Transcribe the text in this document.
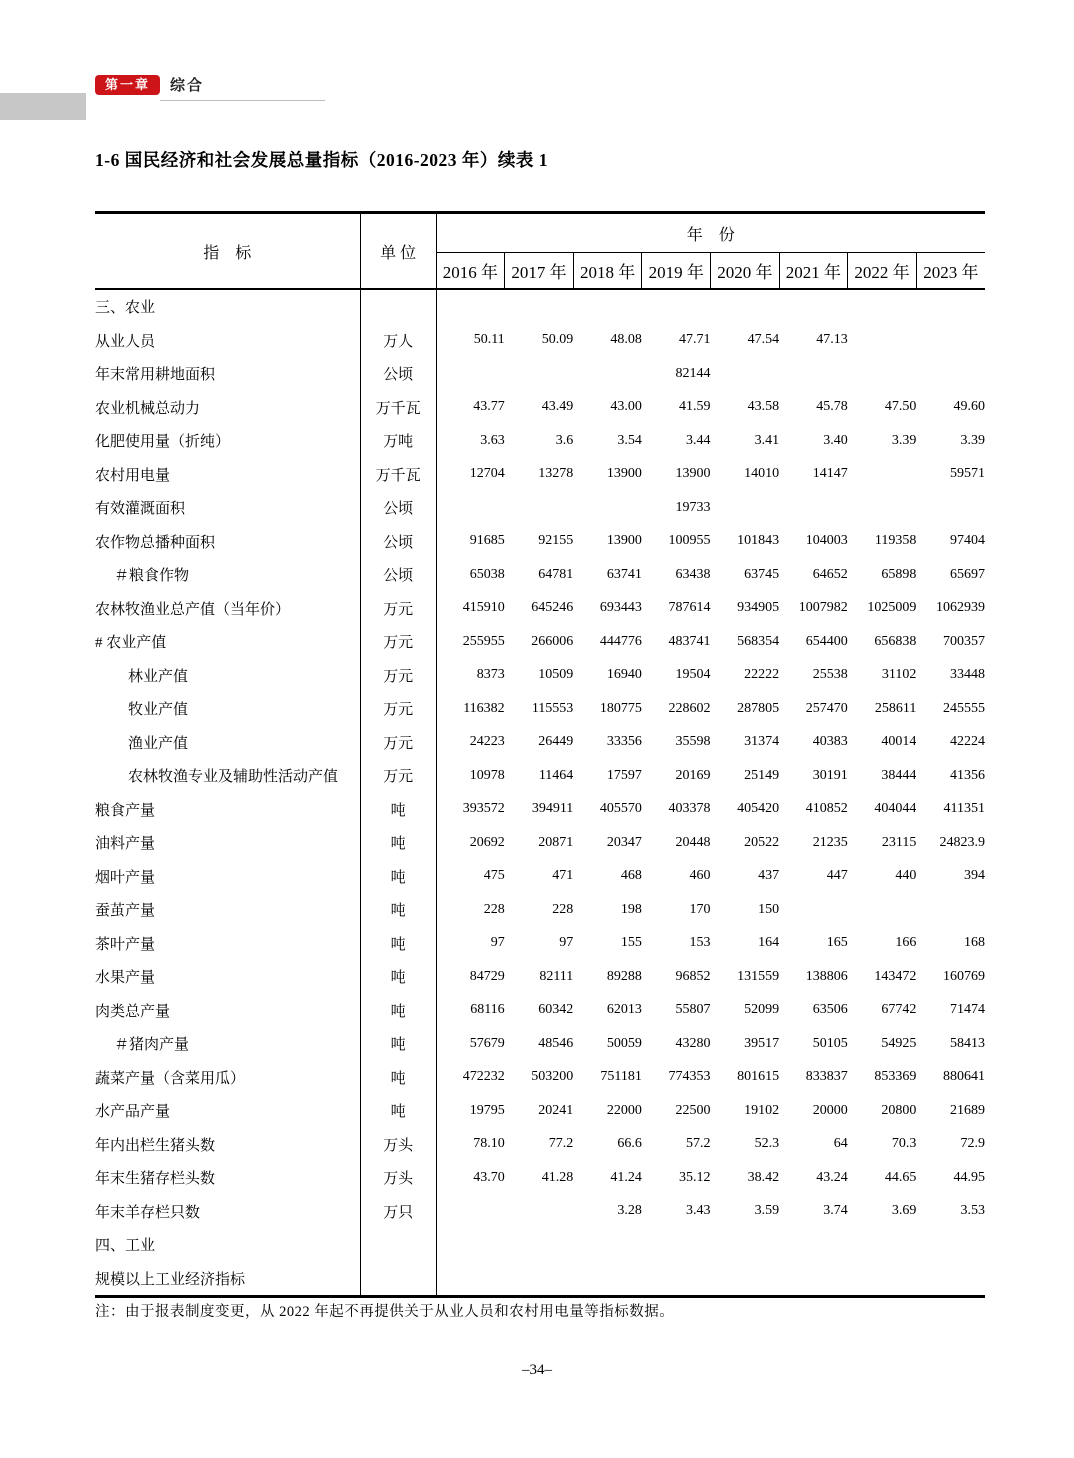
第一章	综合
1-6 国民经济和社会发展总量指标（2016-2023 年）续表 1
指　标	单 位	年　份							
		2016 年	2017 年	2018 年	2019 年	2020 年	2021 年	2022 年	2023 年
三、农业									
从业人员	万人	50.11	50.09	48.08	47.71	47.54	47.13		
年末常用耕地面积	公顷				82144				
农业机械总动力	万千瓦	43.77	43.49	43.00	41.59	43.58	45.78	47.50	49.60
化肥使用量（折纯）	万吨	3.63	3.6	3.54	3.44	3.41	3.40	3.39	3.39
农村用电量	万千瓦	12704	13278	13900	13900	14010	14147		59571
有效灌溉面积	公顷				19733				
农作物总播种面积	公顷	91685	92155	13900	100955	101843	104003	119358	97404
＃粮食作物	公顷	65038	64781	63741	63438	63745	64652	65898	65697
农林牧渔业总产值（当年价）	万元	415910	645246	693443	787614	934905	1007982	1025009	1062939
# 农业产值	万元	255955	266006	444776	483741	568354	654400	656838	700357
林业产值	万元	8373	10509	16940	19504	22222	25538	31102	33448
牧业产值	万元	116382	115553	180775	228602	287805	257470	258611	245555
渔业产值	万元	24223	26449	33356	35598	31374	40383	40014	42224
农林牧渔专业及辅助性活动产值	万元	10978	11464	17597	20169	25149	30191	38444	41356
粮食产量	吨	393572	394911	405570	403378	405420	410852	404044	411351
油料产量	吨	20692	20871	20347	20448	20522	21235	23115	24823.9
烟叶产量	吨	475	471	468	460	437	447	440	394
蚕茧产量	吨	228	228	198	170	150			
茶叶产量	吨	97	97	155	153	164	165	166	168
水果产量	吨	84729	82111	89288	96852	131559	138806	143472	160769
肉类总产量	吨	68116	60342	62013	55807	52099	63506	67742	71474
＃猪肉产量	吨	57679	48546	50059	43280	39517	50105	54925	58413
蔬菜产量（含菜用瓜）	吨	472232	503200	751181	774353	801615	833837	853369	880641
水产品产量	吨	19795	20241	22000	22500	19102	20000	20800	21689
年内出栏生猪头数	万头	78.10	77.2	66.6	57.2	52.3	64	70.3	72.9
年末生猪存栏头数	万头	43.70	41.28	41.24	35.12	38.42	43.24	44.65	44.95
年末羊存栏只数	万只			3.28	3.43	3.59	3.74	3.69	3.53
四、工业									
规模以上工业经济指标									
注：由于报表制度变更，从 2022 年起不再提供关于从业人员和农村用电量等指标数据。
–34–
